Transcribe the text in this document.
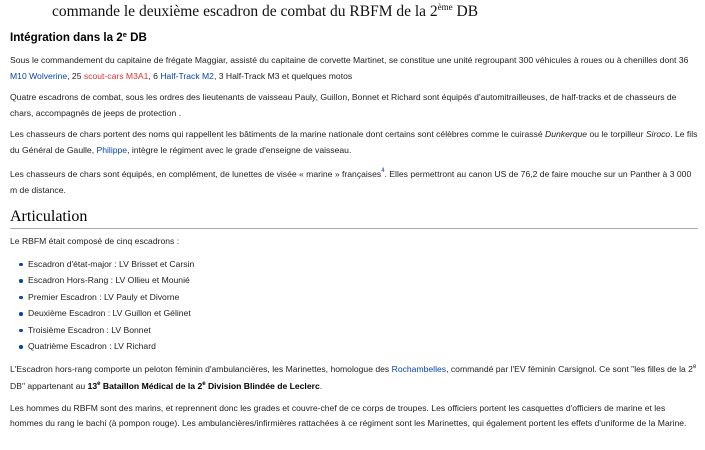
commande le deuxième escadron de combat du RBFM de la 2ème DB
Intégration dans la 2e DB

Sous le commandement du capitaine de frégate Maggiar, assisté du capitaine de corvette Martinet, se constitue une unité regroupant 300 véhicules à roues ou à chenilles dont 36 M10 Wolverine, 25 scout-cars M3A1, 6 Half-Track M2, 3 Half-Track M3 et quelques motos

Quatre escadrons de combat, sous les ordres des lieutenants de vaisseau Pauly, Guillon, Bonnet et Richard sont équipés d'automitrailleuses, de half-tracks et de chasseurs de chars, accompagnés de jeeps de protection .

Les chasseurs de chars portent des noms qui rappellent les bâtiments de la marine nationale dont certains sont célèbres comme le cuirassé Dunkerque ou le torpilleur Siroco. Le fils du Général de Gaulle, Philippe, intègre le régiment avec le grade d'enseigne de vaisseau.

Les chasseurs de chars sont équipés, en complément, de lunettes de visée « marine » françaises$^4$. Elles permettront au canon US de 76,2 de faire mouche sur un Panther à 3 000 m de distance.

Articulation

Le RBFM était composé de cinq escadrons :

Escadron d'état-major : LV Brisset et Carsin
Escadron Hors-Rang : LV Ollieu et Mounié
Premier Escadron : LV Pauly et Divorne
Deuxième Escadron : LV Guillon et Gélinet
Troisième Escadron : LV Bonnet
Quatrième Escadron : LV Richard

L'Escadron hors-rang comporte un peloton féminin d'ambulancières, les Marinettes, homologue des Rochambelles, commandé par l'EV féminin Carsignol. Ce sont "les filles de la 2e DB" appartenant au 13e Bataillon Médical de la 2e Division Blindée de Leclerc.

Les hommes du RBFM sont des marins, et reprennent donc les grades et couvre-chef de ce corps de troupes. Les officiers portent les casquettes d'officiers de marine et les hommes du rang le bachi (à pompon rouge). Les ambulancières/infirmières rattachées à ce régiment sont les Marinettes, qui également portent les effets d'uniforme de la Marine.
